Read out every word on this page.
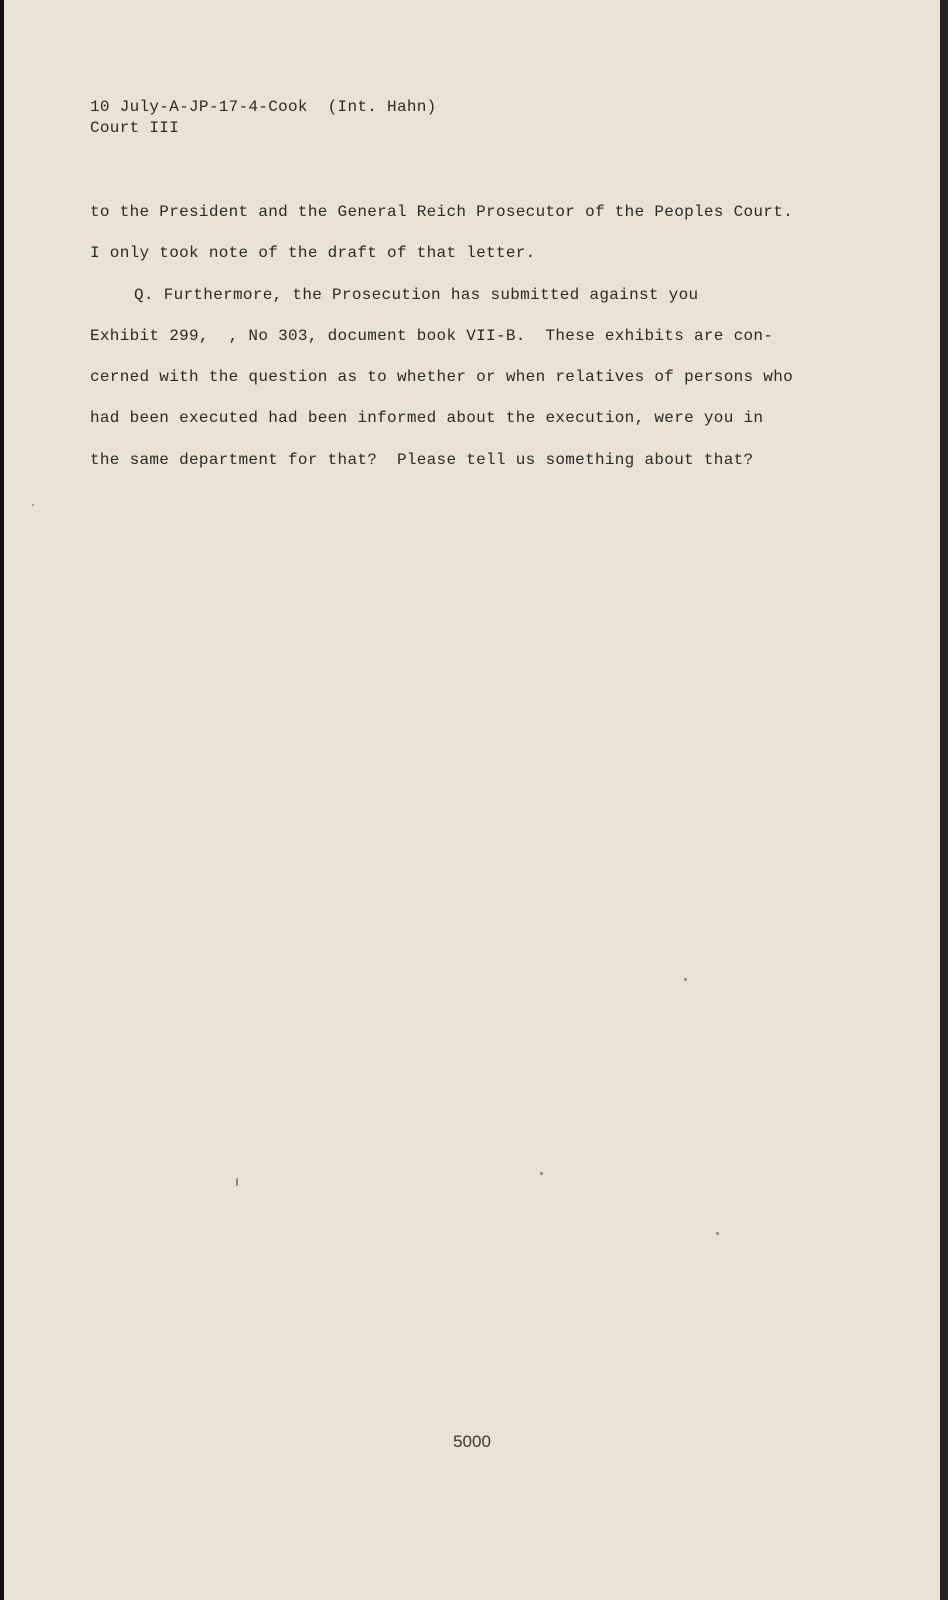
10 July-A-JP-17-4-Cook  (Int. Hahn)
Court III
to the President and the General Reich Prosecutor of the Peoples Court.
I only took note of the draft of that letter.
Q. Furthermore, the Prosecution has submitted against you
Exhibit 299,  , No 303, document book VII-B.  These exhibits are con-
cerned with the question as to whether or when relatives of persons who
had been executed had been informed about the execution, were you in
the same department for that?  Please tell us something about that?
5000
